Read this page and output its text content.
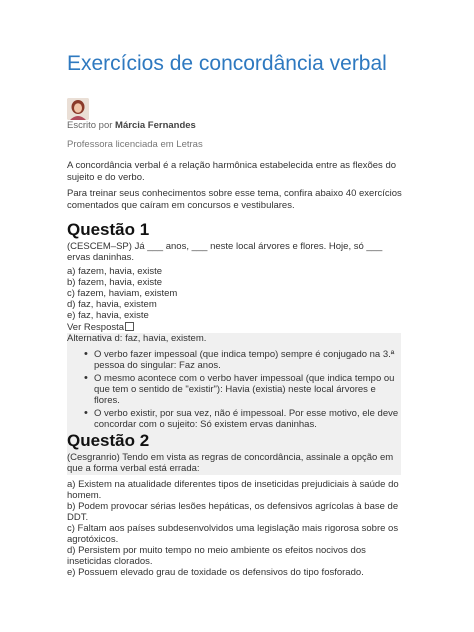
Exercícios de concordância verbal
Escrito por Márcia Fernandes
Professora licenciada em Letras
A concordância verbal é a relação harmônica estabelecida entre as flexões do sujeito e do verbo.
Para treinar seus conhecimentos sobre esse tema, confira abaixo 40 exercícios comentados que caíram em concursos e vestibulares.
Questão 1
(CESCEM–SP) Já ___ anos, ___ neste local árvores e flores. Hoje, só ___ ervas daninhas.
a) fazem, havia, existe
b) fazem, havia, existe
c) fazem, haviam, existem
d) faz, havia, existem
e) faz, havia, existe
Ver Resposta
Alternativa d: faz, havia, existem.
• O verbo fazer impessoal (que indica tempo) sempre é conjugado na 3.ª pessoa do singular: Faz anos.
• O mesmo acontece com o verbo haver impessoal (que indica tempo ou que tem o sentido de "existir"): Havia (existia) neste local árvores e flores.
• O verbo existir, por sua vez, não é impessoal. Por esse motivo, ele deve concordar com o sujeito: Só existem ervas daninhas.
Questão 2
(Cesgranrio) Tendo em vista as regras de concordância, assinale a opção em que a forma verbal está errada:
a) Existem na atualidade diferentes tipos de inseticidas prejudiciais à saúde do homem.
b) Podem provocar sérias lesões hepáticas, os defensivos agrícolas à base de DDT.
c) Faltam aos países subdesenvolvidos uma legislação mais rigorosa sobre os agrotóxicos.
d) Persistem por muito tempo no meio ambiente os efeitos nocivos dos inseticidas clorados.
e) Possuem elevado grau de toxidade os defensivos do tipo fosforado.
